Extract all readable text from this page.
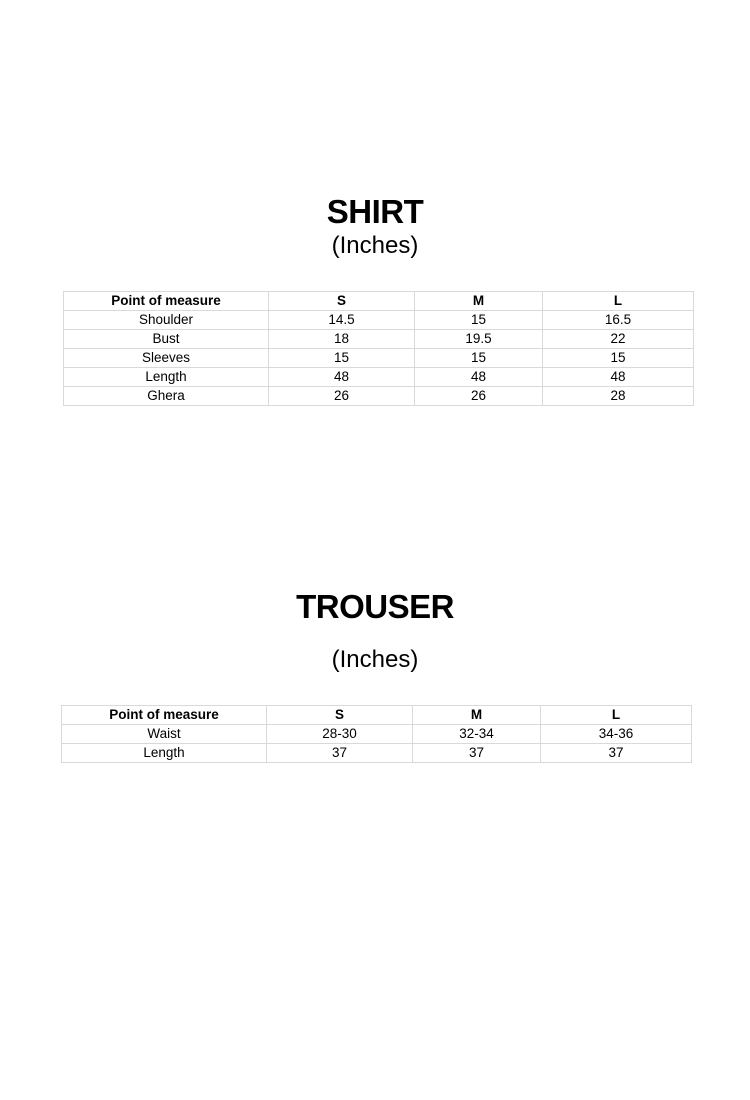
SHIRT

(Inches)

Point of measure	S	M	L
Shoulder	14.5	15	16.5
Bust	18	19.5	22
Sleeves	15	15	15
Length	48	48	48
Ghera	26	26	28
TROUSER

(Inches)

Point of measure	S	M	L
Waist	28-30	32-34	34-36
Length	37	37	37
